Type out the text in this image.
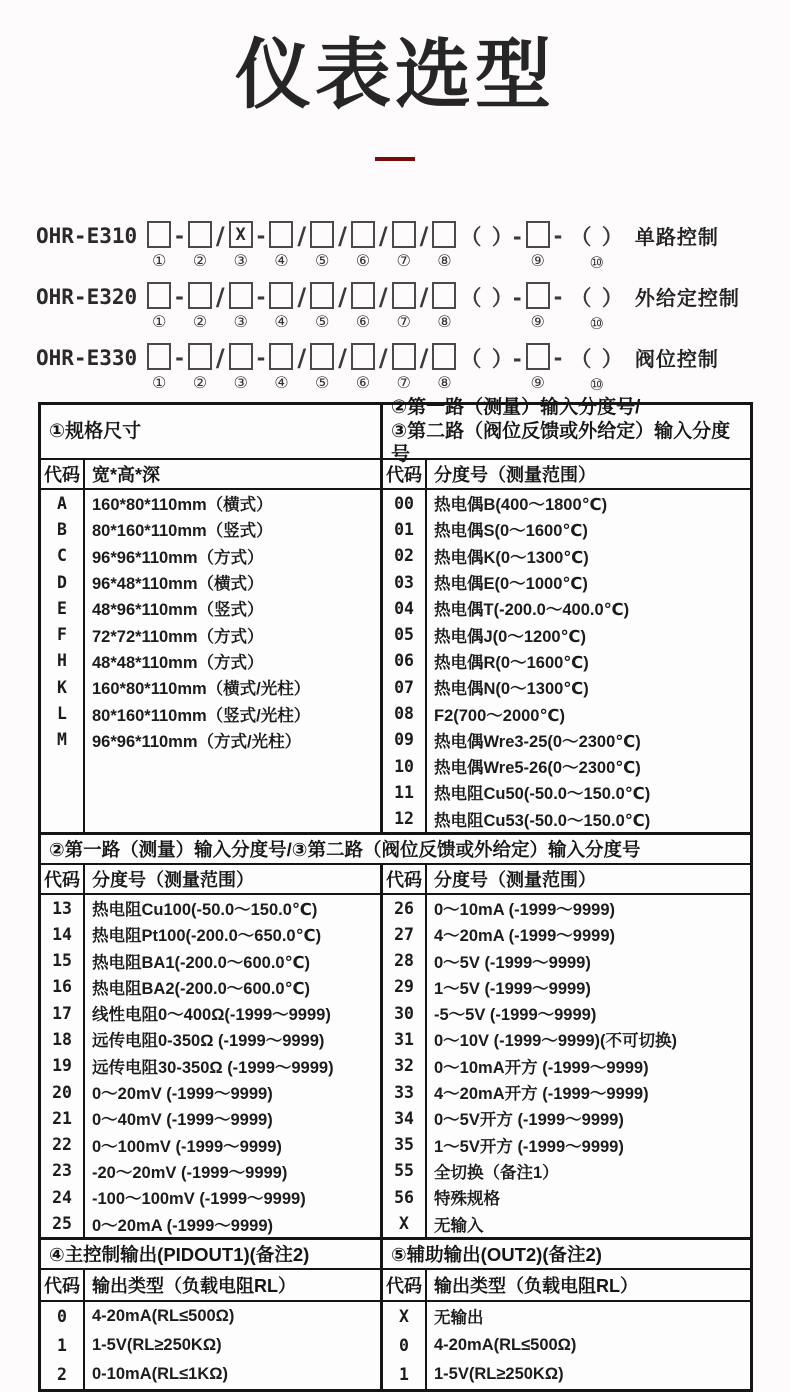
仪表选型
OHR-E310
①
-
②
/ X
③
-
④
/
⑤
/
⑥
/
⑦
/
⑧
（ ）-
⑨
- （ ）
⑩
单路控制
OHR-E320
①
-
②
/
③
-
④
/
⑤
/
⑥
/
⑦
/
⑧
（ ）-
⑨
- （ ）
⑩
外给定控制
OHR-E330
①
-
②
/
③
-
④
/
⑤
/
⑥
/
⑦
/
⑧
（ ）-
⑨
- （ ）
⑩
阀位控制
①规格尺寸
代码 宽*高*深
A	160*80*110mm（横式）
B	80*160*110mm（竖式）
C	96*96*110mm（方式）
D	96*48*110mm（横式）
E	48*96*110mm（竖式）
F	72*72*110mm（方式）
H	48*48*110mm（方式）
K	160*80*110mm（横式/光柱）
L	80*160*110mm（竖式/光柱）
M	96*96*110mm（方式/光柱）
②第一路（测量）输入分度号/
③第二路（阀位反馈或外给定）输入分度号
代码 分度号（测量范围）
00	热电偶B(400～1800℃)
01	热电偶S(0～1600℃)
02	热电偶K(0～1300℃)
03	热电偶E(0～1000℃)
04	热电偶T(-200.0～400.0℃)
05	热电偶J(0～1200℃)
06	热电偶R(0～1600℃)
07	热电偶N(0～1300℃)
08	F2(700～2000℃)
09	热电偶Wre3-25(0～2300℃)
10	热电偶Wre5-26(0～2300℃)
11	热电阻Cu50(-50.0～150.0℃)
12	热电阻Cu53(-50.0～150.0℃)
②第一路（测量）输入分度号/③第二路（阀位反馈或外给定）输入分度号
代码 分度号（测量范围）
13	热电阻Cu100(-50.0～150.0℃)
14	热电阻Pt100(-200.0～650.0℃)
15	热电阻BA1(-200.0～600.0℃)
16	热电阻BA2(-200.0～600.0℃)
17	线性电阻0～400Ω(-1999～9999)
18	远传电阻0-350Ω (-1999～9999)
19	远传电阻30-350Ω (-1999～9999)
20	0～20mV (-1999～9999)
21	0～40mV (-1999～9999)
22	0～100mV (-1999～9999)
23	-20～20mV (-1999～9999)
24	-100～100mV (-1999～9999)
25	0～20mA (-1999～9999)
代码 分度号（测量范围）
26	0～10mA (-1999～9999)
27	4～20mA (-1999～9999)
28	0～5V (-1999～9999)
29	1～5V (-1999～9999)
30	-5～5V (-1999～9999)
31	0～10V (-1999～9999)(不可切换)
32	0～10mA开方 (-1999～9999)
33	4～20mA开方 (-1999～9999)
34	0～5V开方 (-1999～9999)
35	1～5V开方 (-1999～9999)
55	全切换（备注1）
56	特殊规格
X	无输入
④主控制输出(PIDOUT1)(备注2)
代码 输出类型（负载电阻RL）
0	4-20mA(RL≤500Ω)
1	1-5V(RL≥250KΩ)
2	0-10mA(RL≤1KΩ)
⑤辅助输出(OUT2)(备注2)
代码 输出类型（负载电阻RL）
X	无输出
0	4-20mA(RL≤500Ω)
1	1-5V(RL≥250KΩ)
